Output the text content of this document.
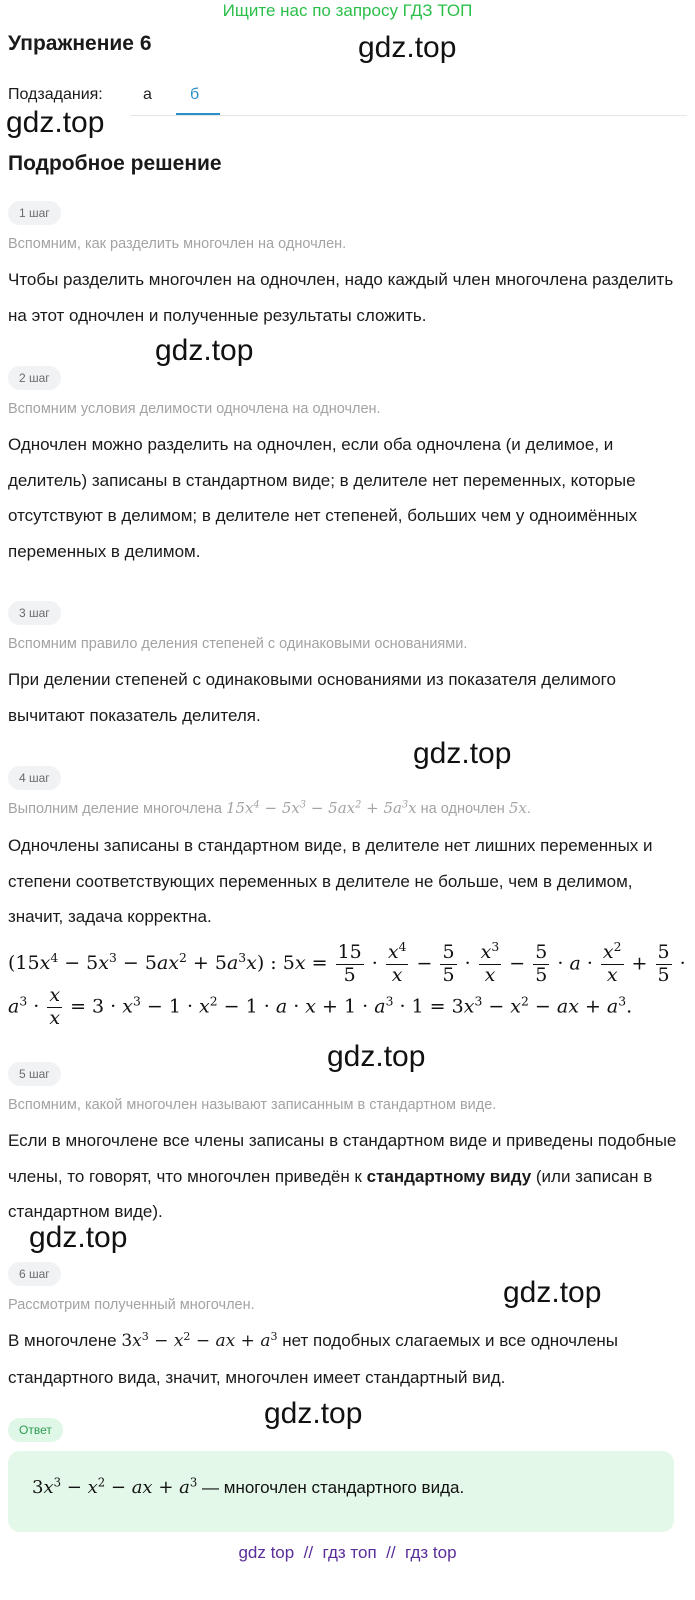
Ищите нас по запросу ГДЗ ТОП
Упражнение 6	gdz.top
Подзадания:	а б
gdz.top
Подробное решение
1 шаг
Вспомним, как разделить многочлен на одночлен.
Чтобы разделить многочлен на одночлен, надо каждый член многочлена разделить на этот одночлен и полученные результаты сложить.
gdz.top
2 шаг
Вспомним условия делимости одночлена на одночлен.
Одночлен можно разделить на одночлен, если оба одночлена (и делимое, и делитель) записаны в стандартном виде; в делителе нет переменных, которые отсутствуют в делимом; в делителе нет степеней, больших чем у одноимённых переменных в делимом.
3 шаг
Вспомним правило деления степеней с одинаковыми основаниями.
При делении степеней с одинаковыми основаниями из показателя делимого вычитают показатель делителя.
gdz.top
4 шаг
Выполним деление многочлена $15x^4 - 5x^3 - 5ax^2 + 5a^3x$ на одночлен 5x.
Одночлены записаны в стандартном виде, в делителе нет лишних переменных и степени соответствующих переменных в делителе не больше, чем в делимом, значит, задача корректна.
$(15x^4 - 5x^3 - 5ax^2 + 5a^3x)$ : $5x = \frac{15}{5} \cdot \frac{x^4}{x} - \frac{5}{5} \cdot \frac{x^3}{x} - \frac{5}{5} \cdot a \cdot \frac{x^2}{x} + \frac{5}{5}$ ·
$a^3 \cdot \frac{x}{x} = 3 \cdot x^3 - 1 \cdot x^2 - 1 \cdot a \cdot x + 1 \cdot a^3 \cdot 1 = 3x^3 - x^2$ − ax + $a^3$.
gdz.top
5 шаг
Вспомним, какой многочлен называют записанным в стандартном виде.
Если в многочлене все члены записаны в стандартном виде и приведены подобные члены, то говорят, что многочлен приведён к стандартному виду (или записан в стандартном виде).
gdz.top
6 шаг
Рассмотрим полученный многочлен.	gdz.top
В многочлене $3x^3 - x^2$ − ax + $a^3$ нет подобных слагаемых и все одночлены стандартного вида, значит, многочлен имеет стандартный вид.
gdz.top
Ответ
$3x^3 - x^2$ − ax + $a^3$ — многочлен стандартного вида.
gdz top  //  гдз топ  //  гдз top
